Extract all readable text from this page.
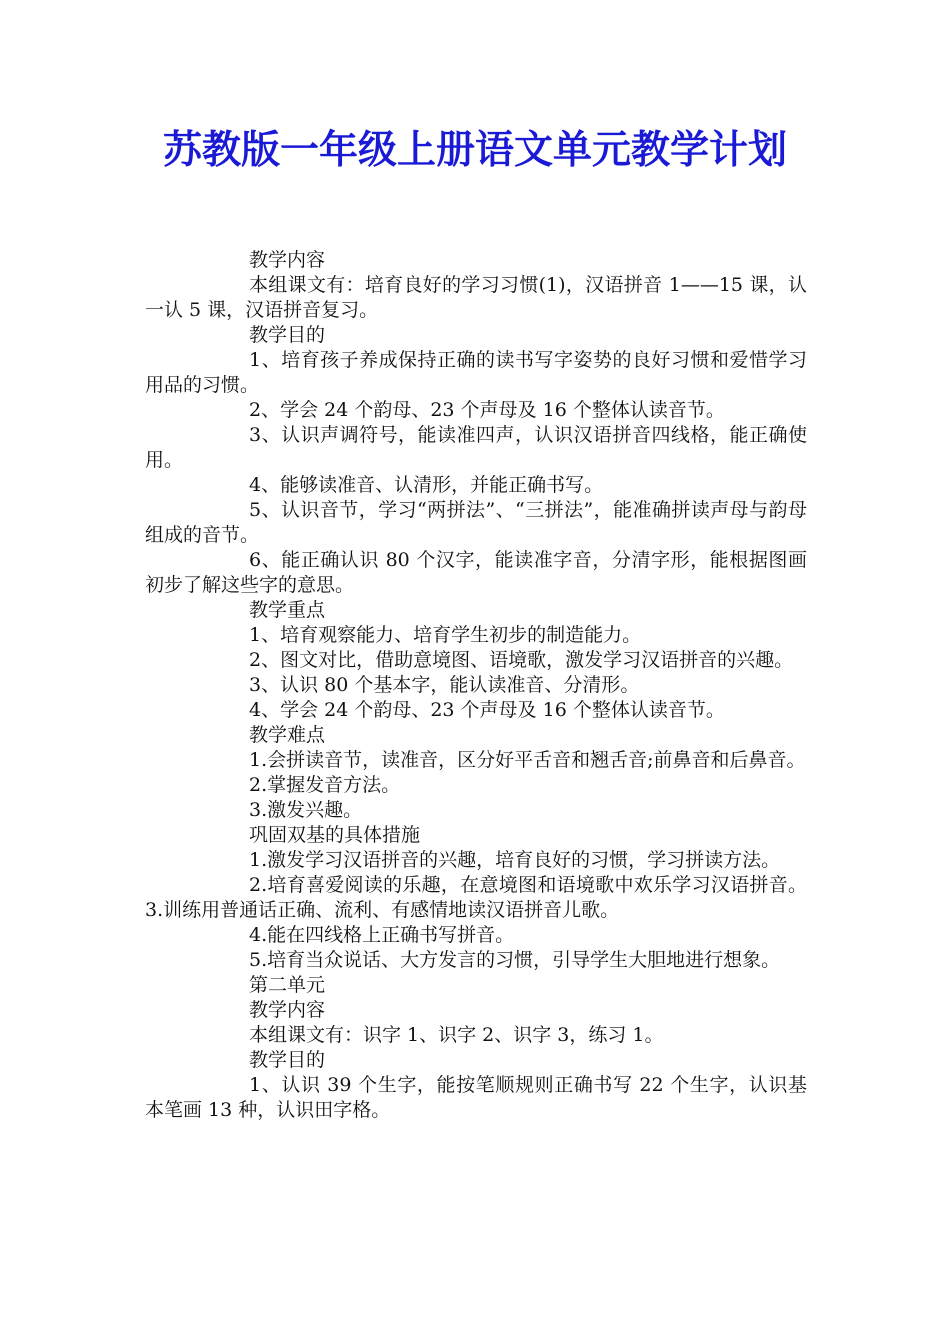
苏教版一年级上册语文单元教学计划

教学内容

本组课文有：培育良好的学习习惯(1)，汉语拼音 1——15 课，认一认 5 课，汉语拼音复习。

教学目的

1、培育孩子养成保持正确的读书写字姿势的良好习惯和爱惜学习用品的习惯。

2、学会 24 个韵母、23 个声母及 16 个整体认读音节。

3、认识声调符号，能读准四声，认识汉语拼音四线格，能正确使用。

4、能够读准音、认清形，并能正确书写。

5、认识音节，学习“两拼法”、“三拼法”，能准确拼读声母与韵母组成的音节。

6、能正确认识 80 个汉字，能读准字音，分清字形，能根据图画初步了解这些字的意思。

教学重点

1、培育观察能力、培育学生初步的制造能力。

2、图文对比，借助意境图、语境歌，激发学习汉语拼音的兴趣。

3、认识 80 个基本字，能认读准音、分清形。

4、学会 24 个韵母、23 个声母及 16 个整体认读音节。

教学难点

1.会拼读音节，读准音，区分好平舌音和翘舌音;前鼻音和后鼻音。

2.掌握发音方法。

3.激发兴趣。

巩固双基的具体措施

1.激发学习汉语拼音的兴趣，培育良好的习惯，学习拼读方法。

2.培育喜爱阅读的乐趣，在意境图和语境歌中欢乐学习汉语拼音。3.训练用普通话正确、流利、有感情地读汉语拼音儿歌。

4.能在四线格上正确书写拼音。

5.培育当众说话、大方发言的习惯，引导学生大胆地进行想象。

第二单元

教学内容

本组课文有：识字 1、识字 2、识字 3，练习 1。

教学目的

1、认识 39 个生字，能按笔顺规则正确书写 22 个生字，认识基本笔画 13 种，认识田字格。
